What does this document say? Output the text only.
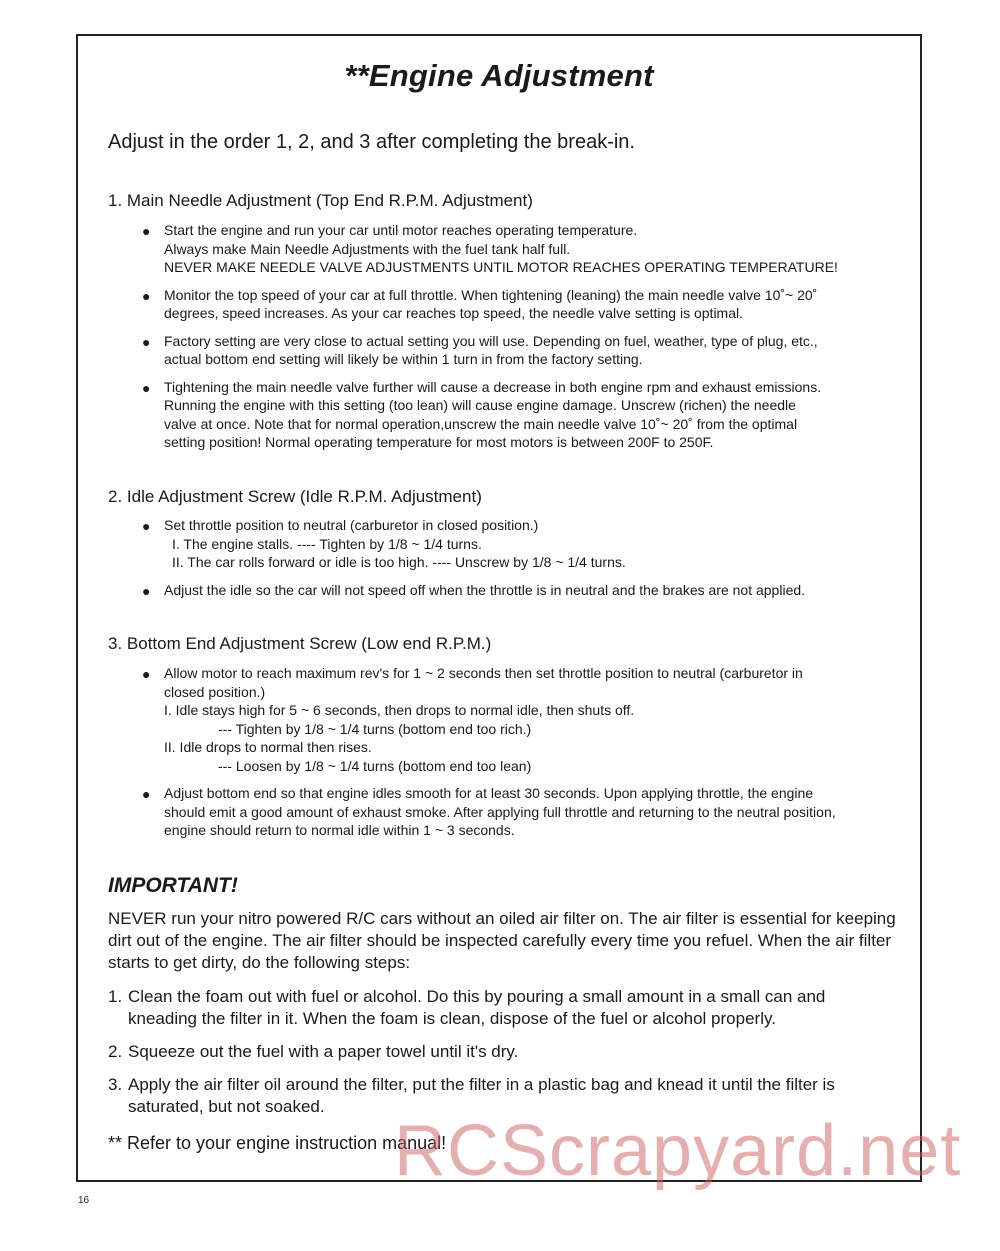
**Engine Adjustment
Adjust in the order 1, 2, and 3 after completing the break-in.
1. Main Needle Adjustment (Top End R.P.M. Adjustment)
● Start the engine and run your car until motor reaches operating temperature.
Always make Main Needle Adjustments with the fuel tank half full.
NEVER MAKE NEEDLE VALVE ADJUSTMENTS UNTIL MOTOR REACHES OPERATING TEMPERATURE!
● Monitor the top speed of your car at full throttle. When tightening (leaning) the main needle valve 10˚~ 20˚
degrees, speed increases. As your car reaches top speed, the needle valve setting is optimal.
● Factory setting are very close to actual setting you will use. Depending on fuel, weather, type of plug, etc.,
actual bottom end setting will likely be within 1 turn in from the factory setting.
● Tightening the main needle valve further will cause a decrease in both engine rpm and exhaust emissions.
Running the engine with this setting (too lean) will cause engine damage. Unscrew (richen) the needle
valve at once. Note that for normal operation,unscrew the main needle valve 10˚~ 20˚ from the optimal
setting position! Normal operating temperature for most motors is between 200F to 250F.
2. Idle Adjustment Screw (Idle R.P.M. Adjustment)
● Set throttle position to neutral (carburetor in closed position.)
I. The engine stalls. ---- Tighten by 1/8 ~ 1/4 turns.
II. The car rolls forward or idle is too high. ---- Unscrew by 1/8 ~ 1/4 turns.
● Adjust the idle so the car will not speed off when the throttle is in neutral and the brakes are not applied.
3. Bottom End Adjustment Screw (Low end R.P.M.)
● Allow motor to reach maximum rev's for 1 ~ 2 seconds then set throttle position to neutral (carburetor in
closed position.)
I. Idle stays high for 5 ~ 6 seconds, then drops to normal idle, then shuts off.
--- Tighten by 1/8 ~ 1/4 turns (bottom end too rich.)
II. Idle drops to normal then rises.
--- Loosen by 1/8 ~ 1/4 turns (bottom end too lean)
● Adjust bottom end so that engine idles smooth for at least 30 seconds. Upon applying throttle, the engine
should emit a good amount of exhaust smoke. After applying full throttle and returning to the neutral position,
engine should return to normal idle within 1 ~ 3 seconds.
IMPORTANT!
NEVER run your nitro powered R/C cars without an oiled air filter on. The air filter is essential for keeping dirt out of the engine. The air filter should be inspected carefully every time you refuel. When the air filter starts to get dirty, do the following steps:
1. Clean the foam out with fuel or alcohol. Do this by pouring a small amount in a small can and kneading the filter in it. When the foam is clean, dispose of the fuel or alcohol properly.
2. Squeeze out the fuel with a paper towel until it's dry.
3. Apply the air filter oil around the filter, put the filter in a plastic bag and knead it until the filter is saturated, but not soaked.
** Refer to your engine instruction manual!
16
RCScrapyard.net
